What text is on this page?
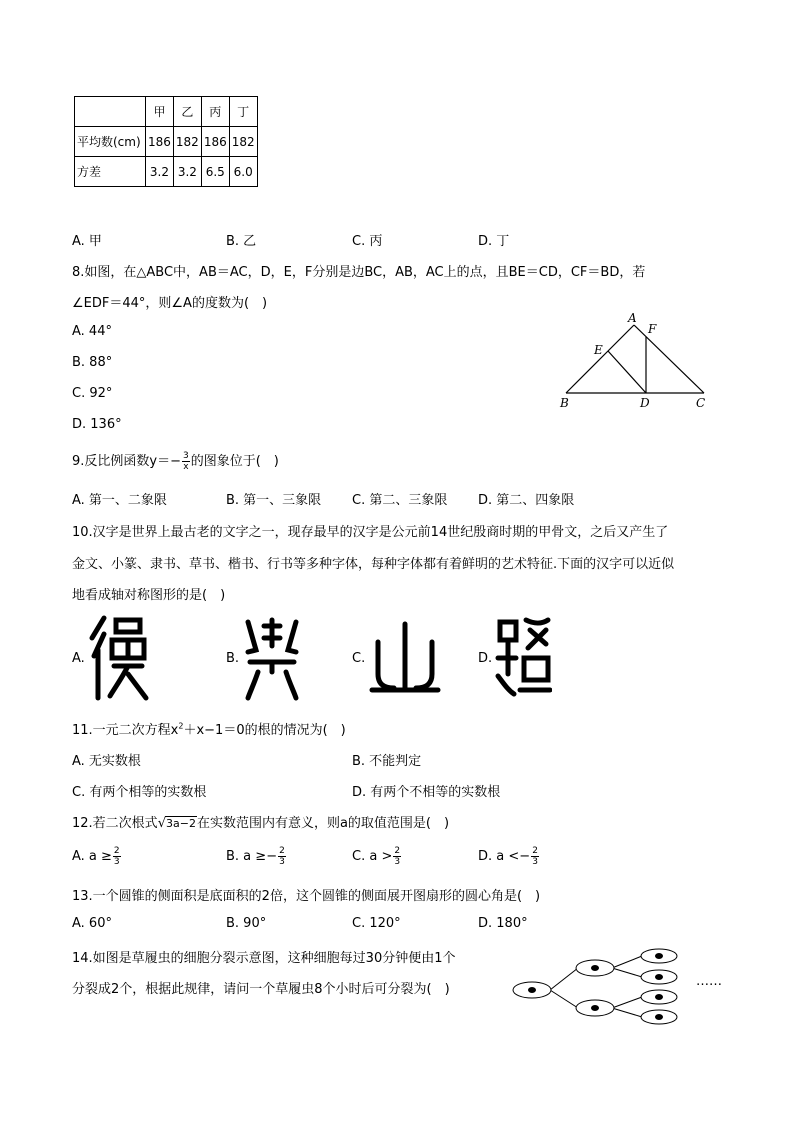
	甲	乙	丙	丁
平均数(cm)	186	182	186	182
方差	3.2	3.2	6.5	6.0
A. 甲	B. 乙	C. 丙	D. 丁
8.如图，在△ABC中，AB＝AC，D，E，F分别是边BC，AB，AC上的点，且BE＝CD，CF＝BD，若
∠EDF＝44°，则∠A的度数为(　)
A. 44°
B. 88°
C. 92°
D. 136°
A
F
E
B	D	C
9.反比例函数$y=- \frac{3}{x}$ 的图象位于(　)
A. 第一、二象限	B. 第一、三象限 C. 第二、三象限 D. 第二、四象限
10.汉字是世界上最古老的文字之一，现存最早的汉字是公元前14世纪殷商时期的甲骨文，之后又产生了
金文、小篆、隶书、草书、楷书、行书等多种字体，每种字体都有着鲜明的艺术特征.下面的汉字可以近似
地看成轴对称图形的是(　)
A.	B.	C.	D.
11.一元二次方程$x^2+x-1=0$的根的情况为(　)
A. 无实数根	B. 不能判定
C. 有两个相等的实数根	D. 有两个不相等的实数根
12.若二次根式√3a−2在实数范围内有意义，则a的取值范围是(　)
A. $a \ge \frac{2}{3}$	B. $a \ge- \frac{2}{3}$	C. $a > \frac{2}{3}$	D. $a <- \frac{2}{3}$
13.一个圆锥的侧面积是底面积的2倍，这个圆锥的侧面展开图扇形的圆心角是(　)
A. 60°	B. 90°	C. 120°	D. 180°
14.如图是草履虫的细胞分裂示意图，这种细胞每过30分钟便由1个
分裂成2个，根据此规律，请问一个草履虫8个小时后可分裂为(　)
……
